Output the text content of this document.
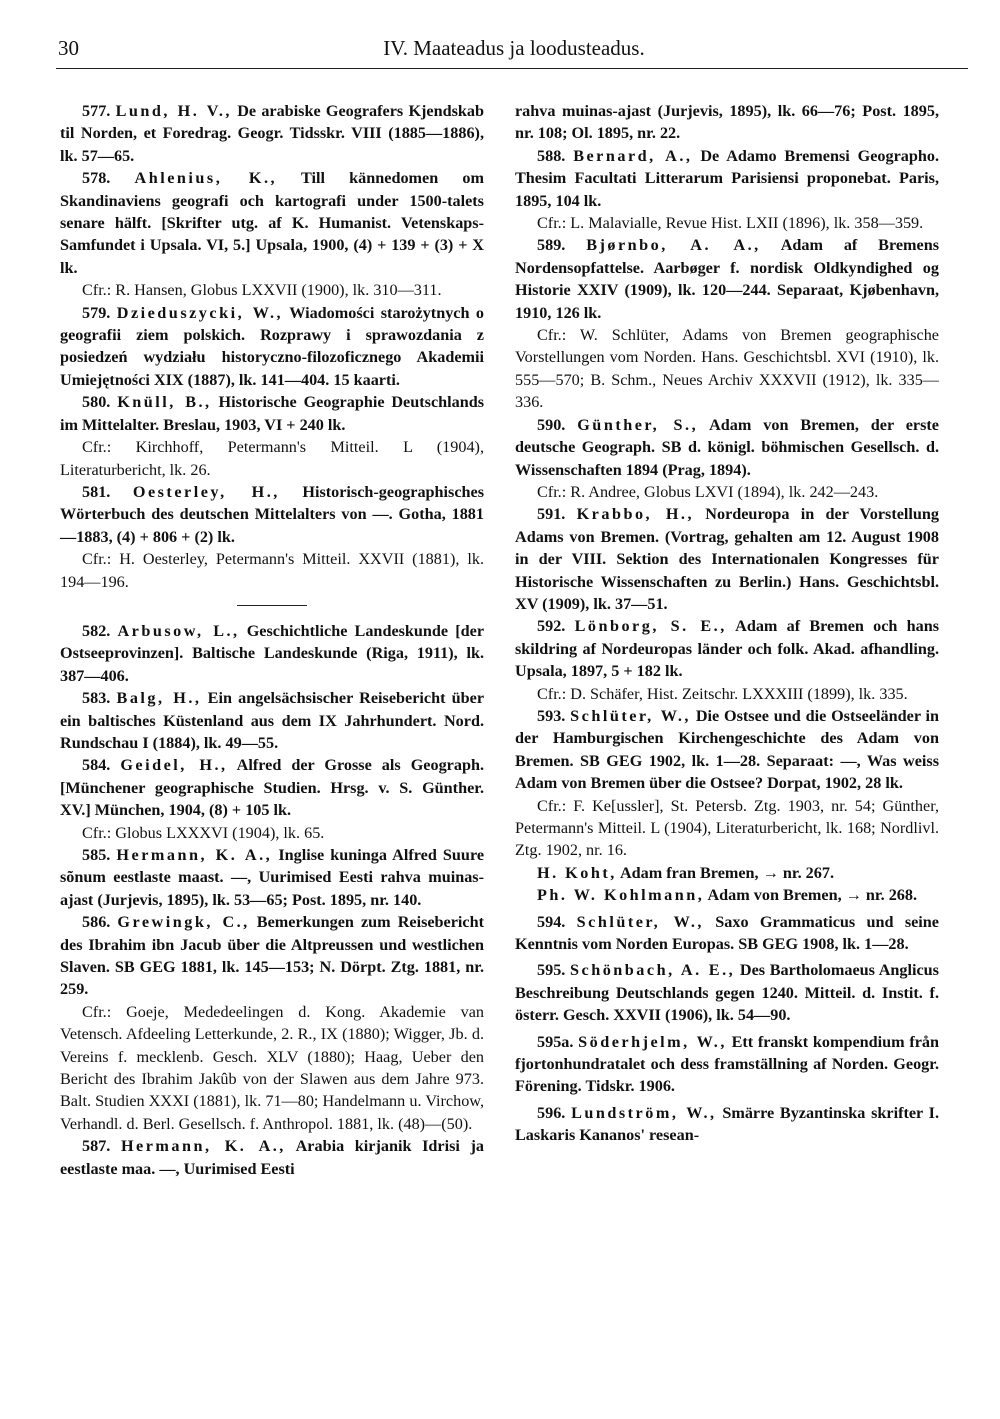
30	IV. Maateadus ja loodusteadus.

577. Lund, H. V., De arabiske Geografers Kjendskab til Norden, et Foredrag. Geogr. Tidsskr. VIII (1885—1886), lk. 57—65.

578. Ahlenius, K., Till kännedomen om Skandinaviens geografi och kartografi under 1500-talets senare hälft. [Skrifter utg. af K. Humanist. Vetenskaps-Samfundet i Upsala. VI, 5.] Upsala, 1900, (4) + 139 + (3) + X lk.

Cfr.: R. Hansen, Globus LXXVII (1900), lk. 310—311.

579. Dzieduszycki, W., Wiadomości starożytnych o geografii ziem polskich. Rozprawy i sprawozdania z posiedzeń wydziału historyczno-filozoficznego Akademii Umiejętności XIX (1887), lk. 141—404. 15 kaarti.

580. Knüll, B., Historische Geographie Deutschlands im Mittelalter. Breslau, 1903, VI + 240 lk.

Cfr.: Kirchhoff, Petermann's Mitteil. L (1904), Literaturbericht, lk. 26.

581. Oesterley, H., Historisch-geographisches Wörterbuch des deutschen Mittelalters von —. Gotha, 1881—1883, (4) + 806 + (2) lk.

Cfr.: H. Oesterley, Petermann's Mitteil. XXVII (1881), lk. 194—196.

582. Arbusow, L., Geschichtliche Landeskunde [der Ostseeprovinzen]. Baltische Landeskunde (Riga, 1911), lk. 387—406.

583. Balg, H., Ein angelsächsischer Reisebericht über ein baltisches Küstenland aus dem IX Jahrhundert. Nord. Rundschau I (1884), lk. 49—55.

584. Geidel, H., Alfred der Grosse als Geograph. [Münchener geographische Studien. Hrsg. v. S. Günther. XV.] München, 1904, (8) + 105 lk.

Cfr.: Globus LXXXVI (1904), lk. 65.

585. Hermann, K. A., Inglise kuninga Alfred Suure sõnum eestlaste maast. —, Uurimised Eesti rahva muinas-ajast (Jurjevis, 1895), lk. 53—65; Post. 1895, nr. 140.

586. Grewingk, C., Bemerkungen zum Reisebericht des Ibrahim ibn Jacub über die Altpreussen und westlichen Slaven. SB GEG 1881, lk. 145—153; N. Dörpt. Ztg. 1881, nr. 259.

Cfr.: Goeje, Mededeelingen d. Kong. Akademie van Vetensch. Afdeeling Letterkunde, 2. R., IX (1880); Wigger, Jb. d. Vereins f. mecklenb. Gesch. XLV (1880); Haag, Ueber den Bericht des Ibrahim Jakûb von der Slawen aus dem Jahre 973. Balt. Studien XXXI (1881), lk. 71—80; Handelmann u. Virchow, Verhandl. d. Berl. Gesellsch. f. Anthropol. 1881, lk. (48)—(50).

587. Hermann, K. A., Arabia kirjanik Idrisi ja eestlaste maa. —, Uurimised Eesti

rahva muinas-ajast (Jurjevis, 1895), lk. 66—76; Post. 1895, nr. 108; Ol. 1895, nr. 22.

588. Bernard, A., De Adamo Bremensi Geographo. Thesim Facultati Litterarum Parisiensi proponebat. Paris, 1895, 104 lk.

Cfr.: L. Malavialle, Revue Hist. LXII (1896), lk. 358—359.

589. Bjørnbo, A. A., Adam af Bremens Nordensopfattelse. Aarbøger f. nordisk Oldkyndighed og Historie XXIV (1909), lk. 120—244. Separaat, Kjøbenhavn, 1910, 126 lk.

Cfr.: W. Schlüter, Adams von Bremen geographische Vorstellungen vom Norden. Hans. Geschichtsbl. XVI (1910), lk. 555—570; B. Schm., Neues Archiv XXXVII (1912), lk. 335—336.

590. Günther, S., Adam von Bremen, der erste deutsche Geograph. SB d. königl. böhmischen Gesellsch. d. Wissenschaften 1894 (Prag, 1894).

Cfr.: R. Andree, Globus LXVI (1894), lk. 242—243.

591. Krabbo, H., Nordeuropa in der Vorstellung Adams von Bremen. (Vortrag, gehalten am 12. August 1908 in der VIII. Sektion des Internationalen Kongresses für Historische Wissenschaften zu Berlin.) Hans. Geschichtsbl. XV (1909), lk. 37—51.

592. Lönborg, S. E., Adam af Bremen och hans skildring af Nordeuropas länder och folk. Akad. afhandling. Upsala, 1897, 5 + 182 lk.

Cfr.: D. Schäfer, Hist. Zeitschr. LXXXIII (1899), lk. 335.

593. Schlüter, W., Die Ostsee und die Ostseeländer in der Hamburgischen Kirchengeschichte des Adam von Bremen. SB GEG 1902, lk. 1—28. Separaat: —, Was weiss Adam von Bremen über die Ostsee? Dorpat, 1902, 28 lk.

Cfr.: F. Ke[ussler], St. Petersb. Ztg. 1903, nr. 54; Günther, Petermann's Mitteil. L (1904), Literaturbericht, lk. 168; Nordlivl. Ztg. 1902, nr. 16.

H. Koht, Adam fran Bremen, → nr. 267.

Ph. W. Kohlmann, Adam von Bremen, → nr. 268.

594. Schlüter, W., Saxo Grammaticus und seine Kenntnis vom Norden Europas. SB GEG 1908, lk. 1—28.

595. Schönbach, A. E., Des Bartholomaeus Anglicus Beschreibung Deutschlands gegen 1240. Mitteil. d. Instit. f. österr. Gesch. XXVII (1906), lk. 54—90.

595a. Söderhjelm, W., Ett franskt kompendium från fjortonhundratalet och dess framställning af Norden. Geogr. Förening. Tidskr. 1906.

596. Lundström, W., Smärre Byzantinska skrifter I. Laskaris Kananos' resean-
